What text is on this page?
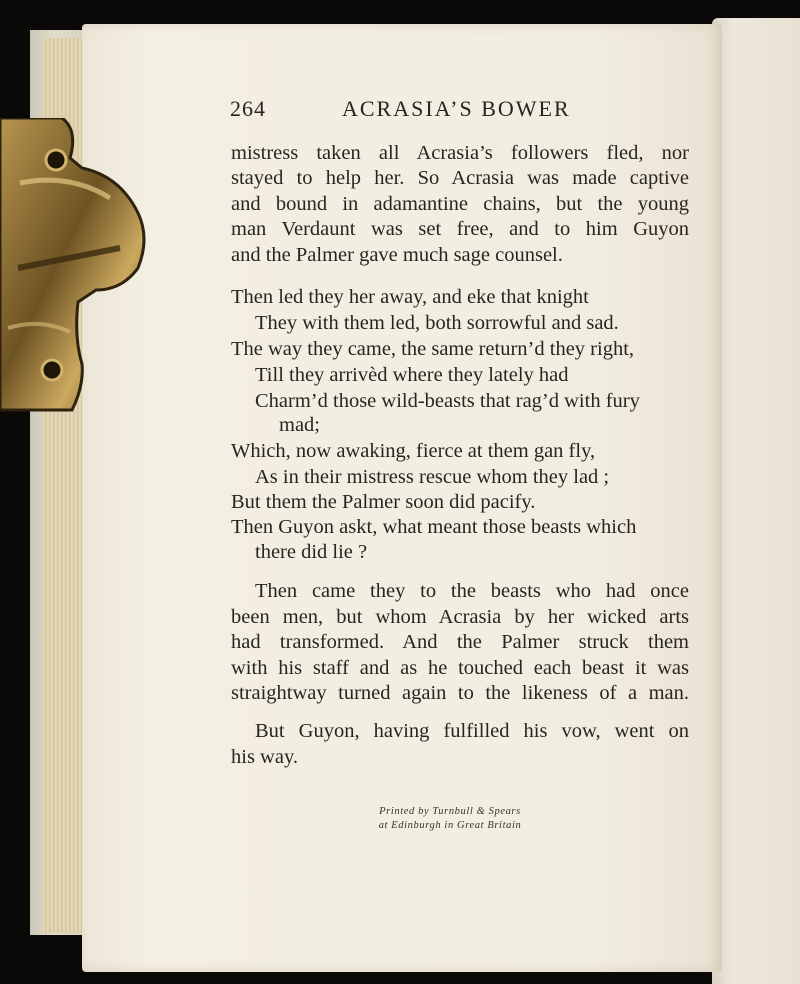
264	ACRASIA’S BOWER
mistress taken all Acrasia’s followers fled, nor
stayed to help her. So Acrasia was made captive
and bound in adamantine chains, but the young
man Verdaunt was set free, and to him Guyon
and the Palmer gave much sage counsel.
Then led they her away, and eke that knight
They with them led, both sorrowful and sad.
The way they came, the same return’d they right,
Till they arrivèd where they lately had
Charm’d those wild-beasts that rag’d with fury
mad;
Which, now awaking, fierce at them gan fly,
As in their mistress rescue whom they lad ;
But them the Palmer soon did pacify.
Then Guyon askt, what meant those beasts which
there did lie ?
Then came they to the beasts who had once
been men, but whom Acrasia by her wicked arts
had transformed. And the Palmer struck them
with his staff and as he touched each beast it was
straightway turned again to the likeness of a man.
But Guyon, having fulfilled his vow, went on
his way.
Printed by Turnbull & Spears
at Edinburgh in Great Britain
